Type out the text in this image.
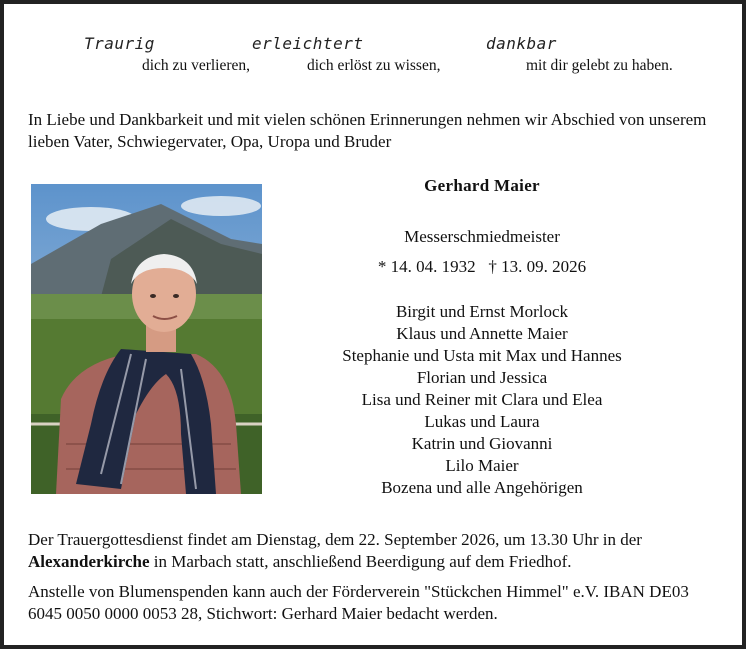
Traurig	erleichtert	dankbar
dich zu verlieren,	dich erlöst zu wissen,	mit dir gelebt zu haben.
In Liebe und Dankbarkeit und mit vielen schönen Erinnerungen nehmen wir Abschied von unserem lieben Vater, Schwiegervater, Opa, Uropa und Bruder
Gerhard Maier
Messerschmiedmeister
* 14. 04. 1932 † 13. 09. 2026
Birgit und Ernst Morlock
Klaus und Annette Maier
Stephanie und Usta mit Max und Hannes
Florian und Jessica
Lisa und Reiner mit Clara und Elea
Lukas und Laura
Katrin und Giovanni
Lilo Maier
Bozena und alle Angehörigen
Der Trauergottesdienst findet am Dienstag, dem 22. September 2026, um 13.30 Uhr in der Alexanderkirche in Marbach statt, anschließend Beerdigung auf dem Friedhof.
Anstelle von Blumenspenden kann auch der Förderverein "Stückchen Himmel" e.V. IBAN DE03 6045 0050 0000 0053 28, Stichwort: Gerhard Maier bedacht werden.
